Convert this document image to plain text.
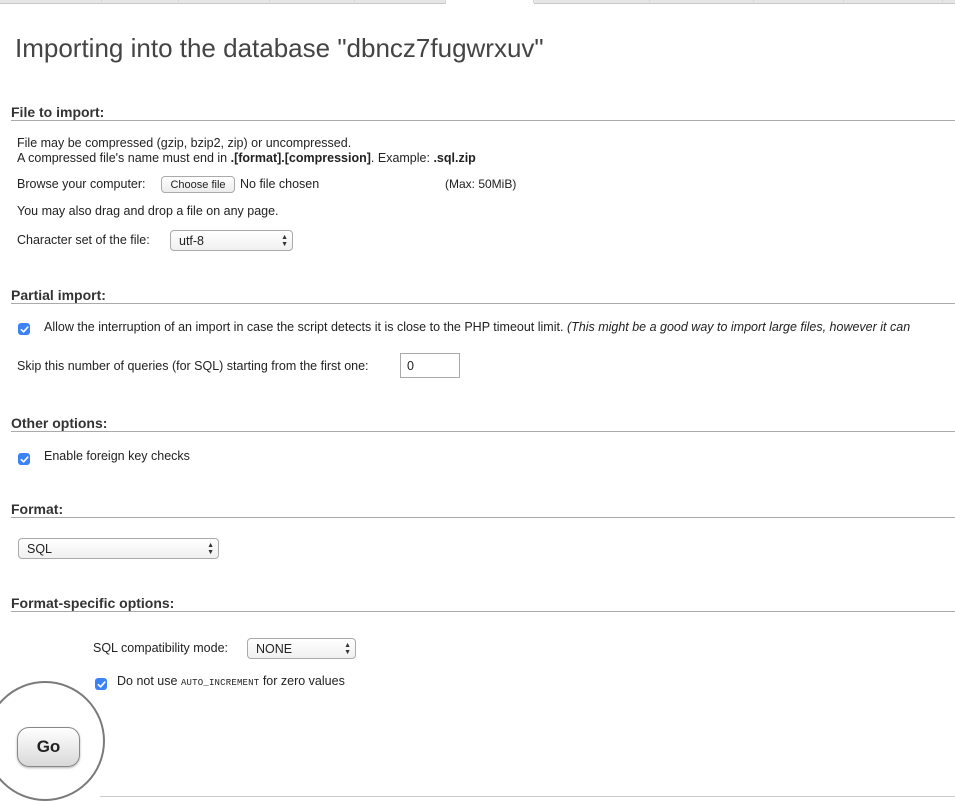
Importing into the database "dbncz7fugwrxuv"
File to import:
File may be compressed (gzip, bzip2, zip) or uncompressed.
A compressed file's name must end in .[format].[compression]. Example: .sql.zip
Browse your computer:	Choose file	No file chosen	(Max: 50MiB)
You may also drag and drop a file on any page.
Character set of the file: utf-8	▲
▼
Partial import:
Allow the interruption of an import in case the script detects it is close to the PHP timeout limit. (This might be a good way to import large files, however it can
Skip this number of queries (for SQL) starting from the first one:
0
Other options:
Enable foreign key checks
Format:
SQL	▲
▼
Format-specific options:
SQL compatibility mode: NONE	▲
▼
Do not use AUTO_INCREMENT for zero values
Go
